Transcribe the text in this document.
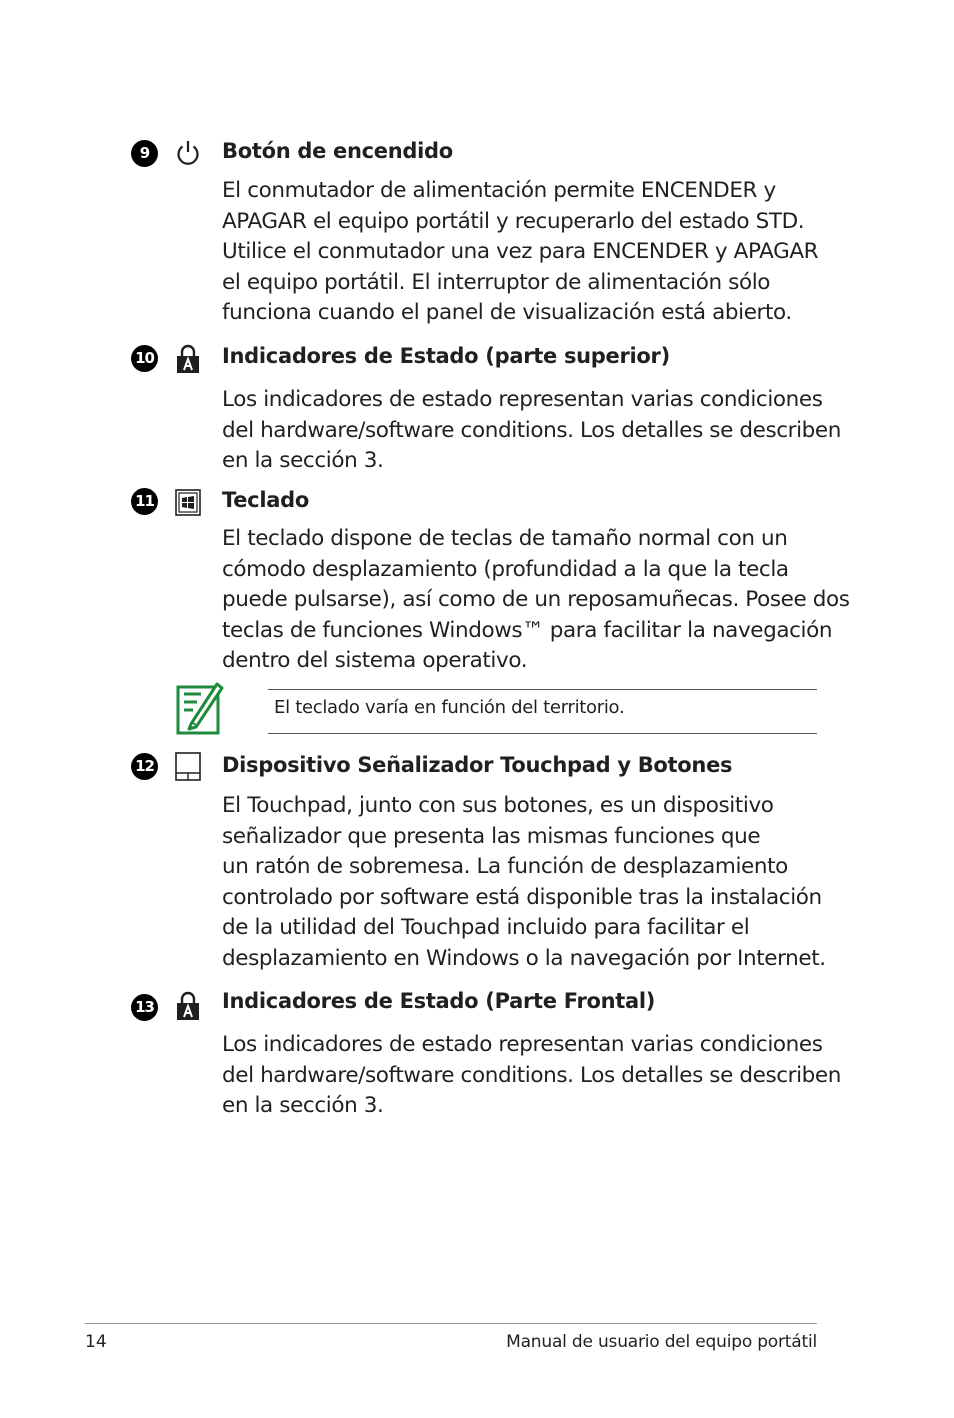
9	Botón de encendido

El conmutador de alimentación permite ENCENDER y
APAGAR el equipo portátil y recuperarlo del estado STD.
Utilice el conmutador una vez para ENCENDER y APAGAR
el equipo portátil. El interruptor de alimentación sólo
funciona cuando el panel de visualización está abierto.

10	Indicadores de Estado (parte superior)

Los indicadores de estado representan varias condiciones
del hardware/software conditions. Los detalles se describen
en la sección 3.

11	Teclado

El teclado dispone de teclas de tamaño normal con un
cómodo desplazamiento (profundidad a la que la tecla
puede pulsarse), así como de un reposamuñecas. Posee dos
teclas de funciones Windows™ para facilitar la navegación
dentro del sistema operativo.

El teclado varía en función del territorio.
12	Dispositivo Señalizador Touchpad y Botones

El Touchpad, junto con sus botones, es un dispositivo
señalizador que presenta las mismas funciones que
un ratón de sobremesa. La función de desplazamiento
controlado por software está disponible tras la instalación
de la utilidad del Touchpad incluido para facilitar el
desplazamiento en Windows o la navegación por Internet.

13	Indicadores de Estado (Parte Frontal)

Los indicadores de estado representan varias condiciones
del hardware/software conditions. Los detalles se describen
en la sección 3.

14	Manual de usuario del equipo portátil
